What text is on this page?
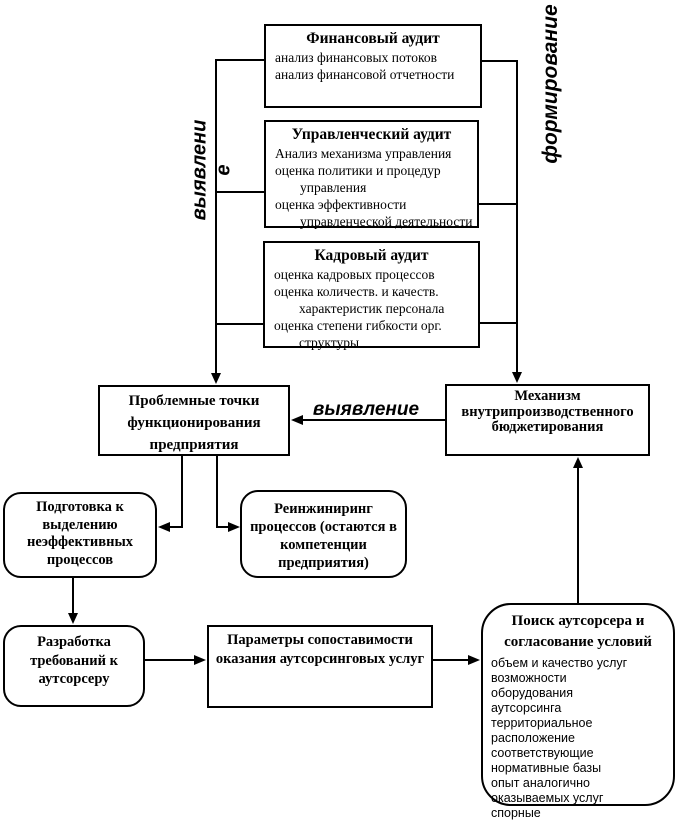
Финансовый аудит
анализ финансовых потоков
анализ финансовой отчетности
Управленческий аудит
Анализ механизма управления
оценка политики и процедур
управления
оценка эффективности
управленческой деятельности
Кадровый аудит
оценка кадровых процессов
оценка количеств. и качеств.
характеристик персонала
оценка степени гибкости орг.
структуры
Проблемные точки функционирования предприятия
Механизм внутрипроизводственного бюджетирования
Подготовка к выделению неэффективных процессов
Реинжиниринг процессов (остаются в компетенции предприятия)
Разработка требований к аутсорсеру
Параметры сопоставимости оказания аутсорсинговых услуг
Поиск аутсорсера и согласование условий
объем и качество услуг
возможности
оборудования
аутсорсинга
территориальное
расположение
соответствующие
нормативные базы
опыт аналогично
оказываемых услуг
спорные
формирование
выявлени е
выявление
